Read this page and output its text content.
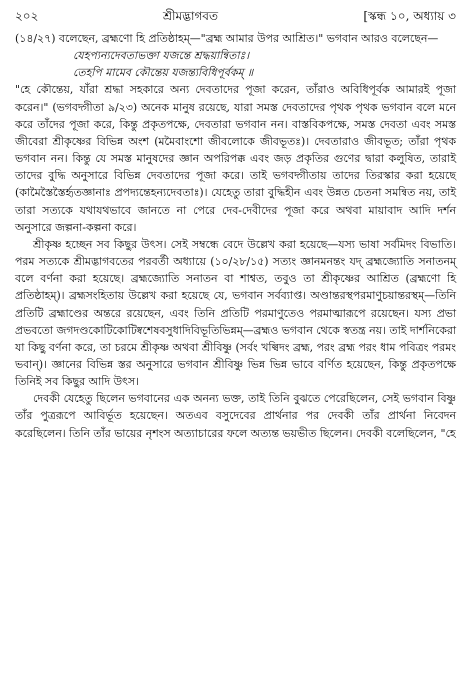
২০২	শ্রীমদ্ভাগবত	[স্কন্ধ ১০, অধ্যায় ৩

(১৪/২৭) বলেছেন, ব্রহ্মণো হি প্রতিষ্ঠাহম্—"ব্রহ্ম আমার উপর আশ্রিত।" ভগবান আরও বলেছেন—

যেহপ্যন্যদেবতাভক্তা যজন্তে শ্রদ্ধয়ান্বিতাঃ।

তেহপি মামেব কৌন্তেয় যজন্ত্যবিধিপূর্বকম্ ॥

"হে কৌন্তেয়, যাঁরা শ্রদ্ধা সহকারে অন্য দেবতাদের পূজা করেন, তাঁরাও অবিধিপূর্বক আমারই পূজা করেন।" (ভগবদ্গীতা ৯/২৩) অনেক মানুষ রয়েছে, যারা সমস্ত দেবতাদের পৃথক পৃথক ভগবান বলে মনে করে তাঁদের পূজা করে, কিন্তু প্রকৃতপক্ষে, দেবতারা ভগবান নন। বাস্তবিকপক্ষে, সমস্ত দেবতা এবং সমস্ত জীবেরা শ্রীকৃষ্ণের বিভিন্ন অংশ (মমৈবাংশো জীবলোকে জীবভূতঃ)। দেবতারাও জীবভূত; তাঁরা পৃথক ভগবান নন। কিন্তু যে সমস্ত মানুষদের জ্ঞান অপরিপক্ক এবং জড় প্রকৃতির গুণের দ্বারা কলুষিত, তারাই তাদের বুদ্ধি অনুসারে বিভিন্ন দেবতাদের পূজা করে। তাই ভগবদ্গীতায় তাদের তিরস্কার করা হয়েছে (কামৈস্তৈস্তৈর্হৃতজ্ঞানাঃ প্রপদ্যন্তেহন্যদেবতাঃ)। যেহেতু তারা বুদ্ধিহীন এবং উন্নত চেতনা সমন্বিত নয়, তাই তারা সত্যকে যথাযথভাবে জানতে না পেরে দেব-দেবীদের পূজা করে অথবা মায়াবাদ আদি দর্শন অনুসারে জল্পনা-কল্পনা করে।

শ্রীকৃষ্ণ হচ্ছেন সব কিছুর উৎস। সেই সম্বন্ধে বেদে উল্লেখ করা হয়েছে—যস্য ভাষা সর্বমিদং বিভাতি। পরম সত্যকে শ্রীমদ্ভাগবতের পরবর্তী অধ্যায়ে (১০/২৮/১৫) সত্যং জ্ঞানমনন্তং যদ্ ব্রহ্মজ্যোতি সনাতনম্ বলে বর্ণনা করা হয়েছে। ব্রহ্মজ্যোতি সনাতন বা শাশ্বত, তবুও তা শ্রীকৃষ্ণের আশ্রিত (ব্রহ্মণো হি প্রতিষ্ঠাহম্)। ব্রহ্মসংহিতায় উল্লেখ করা হয়েছে যে, ভগবান সর্বব্যাপ্ত। অণ্ডান্তরস্থপরমাণুচয়ান্তরস্থম্—তিনি প্রতিটি ব্রহ্মাণ্ডের অন্তরে রয়েছেন, এবং তিনি প্রতিটি পরমাণুতেও পরমাত্মারূপে রয়েছেন। যস্য প্রভা প্রভবতো জগদণ্ডকোটিকোটিষ্বশেষবসুধাদিবিভূতিভিন্নম্—ব্রহ্মও ভগবান থেকে স্বতন্ত্র নয়। তাই দার্শনিকেরা যা কিছু বর্ণনা করে, তা চরমে শ্রীকৃষ্ণ অথবা শ্রীবিষ্ণু (সর্বং খল্বিদং ব্রহ্ম, পরং ব্রহ্ম পরং ধাম পবিত্রং পরমং ভবান্)। জ্ঞানের বিভিন্ন স্তর অনুসারে ভগবান শ্রীবিষ্ণু ভিন্ন ভিন্ন ভাবে বর্ণিত হয়েছেন, কিন্তু প্রকৃতপক্ষে তিনিই সব কিছুর আদি উৎস।

দেবকী যেহেতু ছিলেন ভগবানের এক অনন্য ভক্ত, তাই তিনি বুঝতে পেরেছিলেন, সেই ভগবান বিষ্ণু তাঁর পুত্ররূপে আবির্ভূত হয়েছেন। অতএব বসুদেবের প্রার্থনার পর দেবকী তাঁর প্রার্থনা নিবেদন করেছিলেন। তিনি তাঁর ভায়ের নৃশংস অত্যাচারের ফলে অত্যন্ত ভয়ভীত ছিলেন। দেবকী বলেছিলেন, "হে
